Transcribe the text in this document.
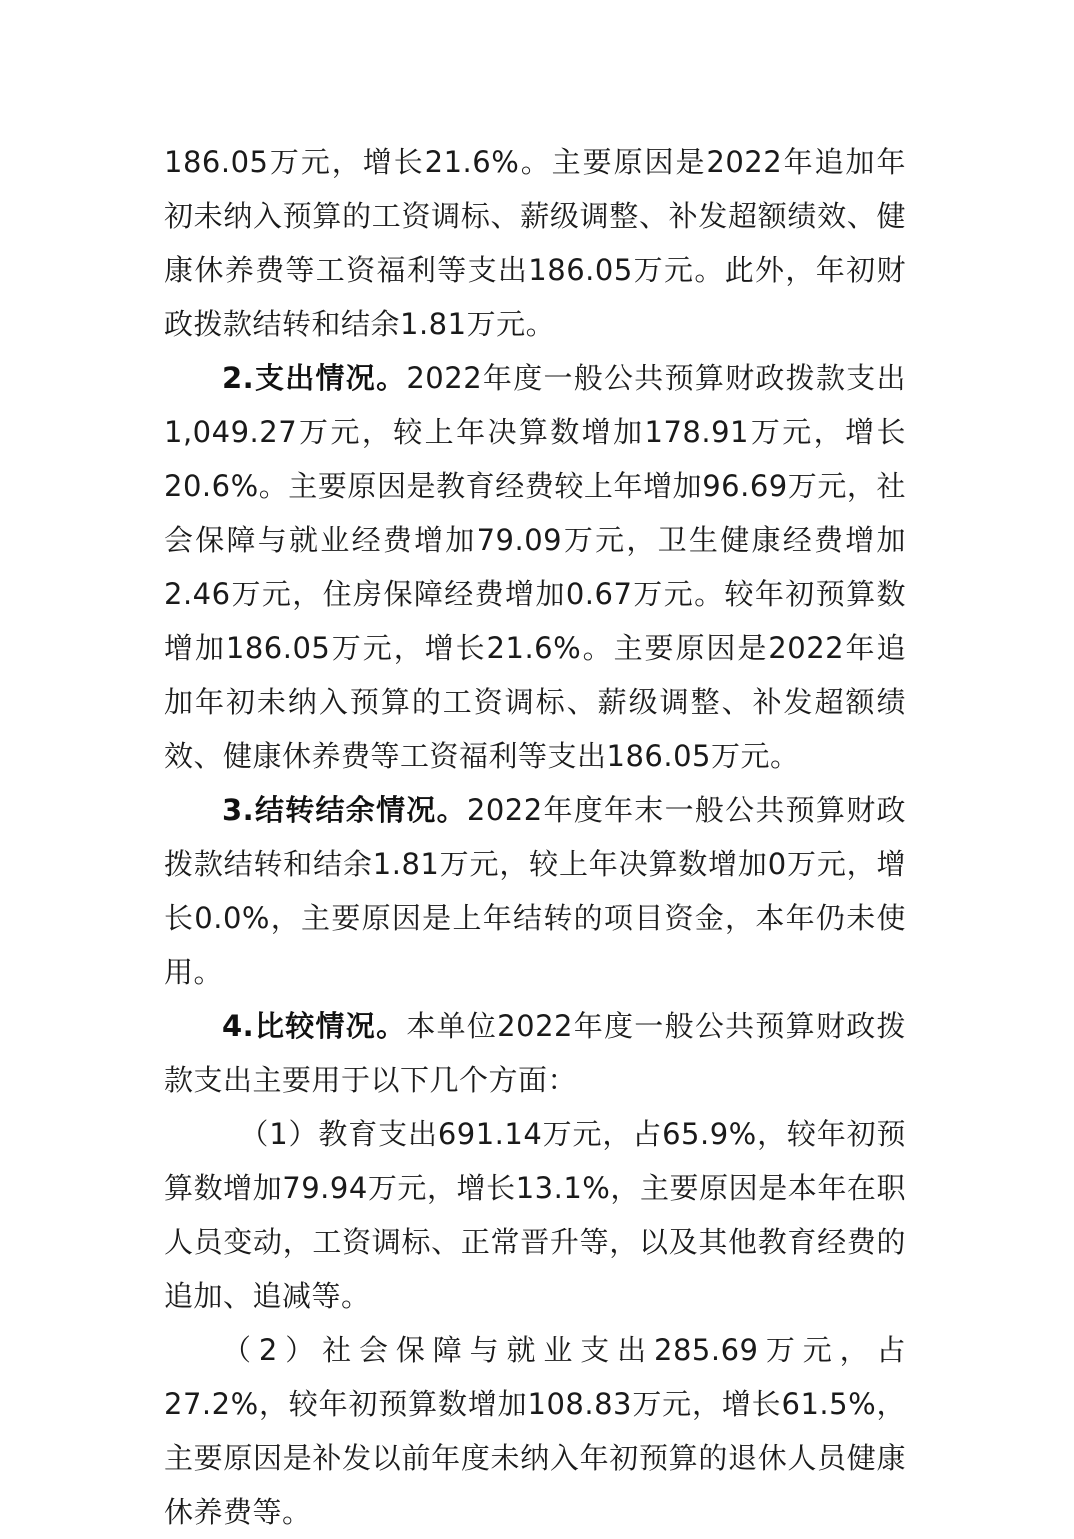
186.05万元，增长21.6%。主要原因是2022年追加年初未纳入预算的工资调标、薪级调整、补发超额绩效、健康休养费等工资福利等支出186.05万元。此外，年初财政拨款结转和结余1.81万元。

2.支出情况。2022年度一般公共预算财政拨款支出1,049.27万元，较上年决算数增加178.91万元，增长20.6%。主要原因是教育经费较上年增加96.69万元，社会保障与就业经费增加79.09万元，卫生健康经费增加2.46万元，住房保障经费增加0.67万元。较年初预算数增加186.05万元，增长21.6%。主要原因是2022年追加年初未纳入预算的工资调标、薪级调整、补发超额绩效、健康休养费等工资福利等支出186.05万元。

3.结转结余情况。2022年度年末一般公共预算财政拨款结转和结余1.81万元，较上年决算数增加0万元，增长0.0%，主要原因是上年结转的项目资金，本年仍未使用。

4.比较情况。本单位2022年度一般公共预算财政拨款支出主要用于以下几个方面：

（1）教育支出691.14万元，占65.9%，较年初预算数增加79.94万元，增长13.1%，主要原因是本年在职人员变动，工资调标、正常晋升等，以及其他教育经费的追加、追减等。

（2）社会保障与就业支出285.69万元，占27.2%，较年初预算数增加108.83万元，增长61.5%，主要原因是补发以前年度未纳入年初预算的退休人员健康休养费等。
